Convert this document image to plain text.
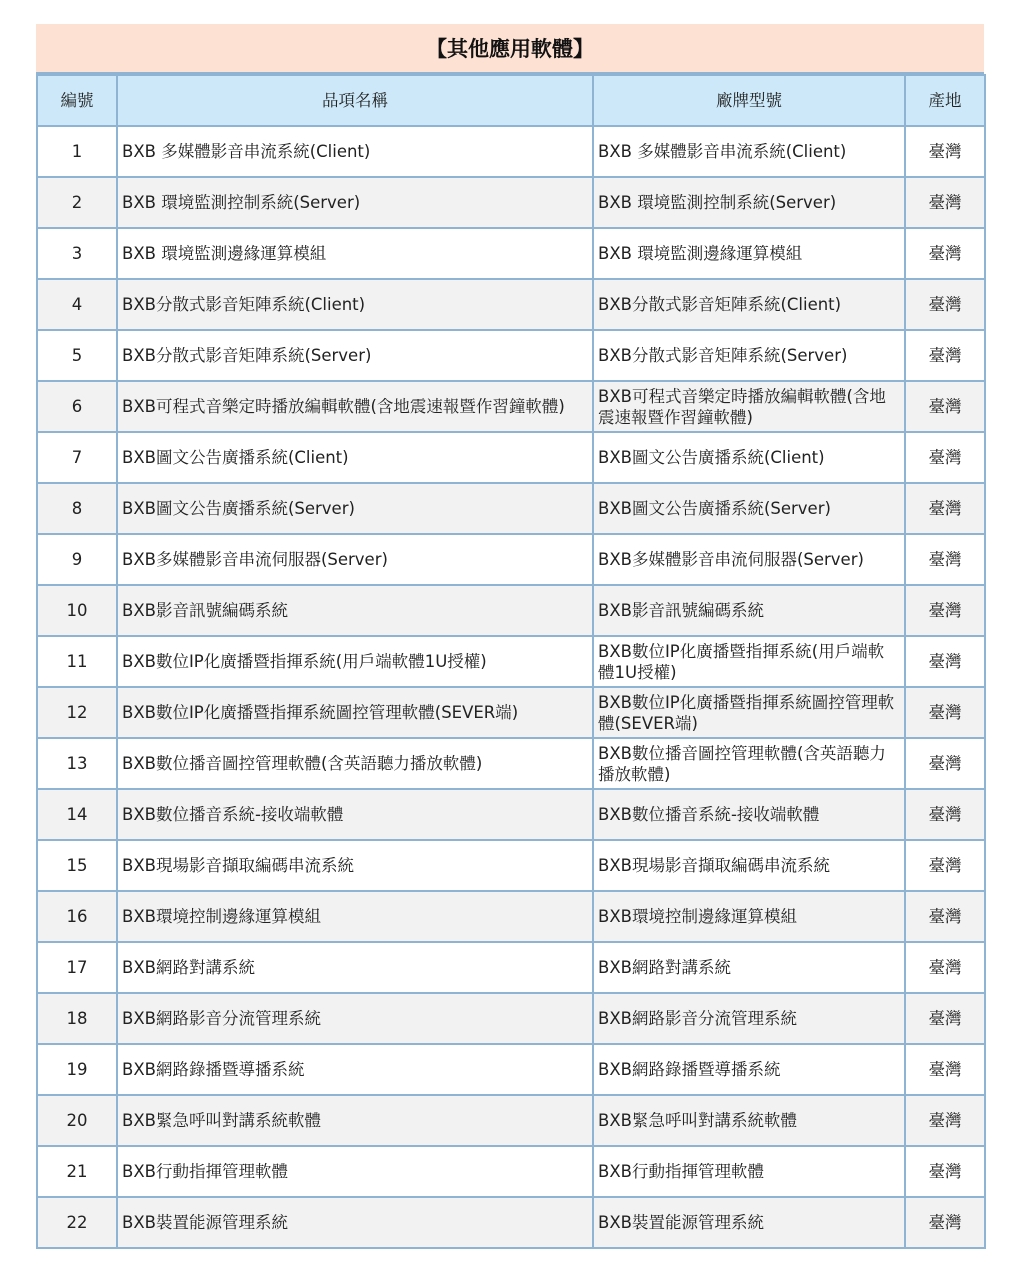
【其他應用軟體】
編號	品項名稱	廠牌型號	產地
1	BXB 多媒體影音串流系統(Client)	BXB 多媒體影音串流系統(Client)	臺灣
2	BXB 環境監測控制系統(Server)	BXB 環境監測控制系統(Server)	臺灣
3	BXB 環境監測邊緣運算模組	BXB 環境監測邊緣運算模組	臺灣
4	BXB分散式影音矩陣系統(Client)	BXB分散式影音矩陣系統(Client)	臺灣
5	BXB分散式影音矩陣系統(Server)	BXB分散式影音矩陣系統(Server)	臺灣
6	BXB可程式音樂定時播放編輯軟體(含地震速報暨作習鐘軟體)	BXB可程式音樂定時播放編輯軟體(含地震速報暨作習鐘軟體)	臺灣
7	BXB圖文公告廣播系統(Client)	BXB圖文公告廣播系統(Client)	臺灣
8	BXB圖文公告廣播系統(Server)	BXB圖文公告廣播系統(Server)	臺灣
9	BXB多媒體影音串流伺服器(Server)	BXB多媒體影音串流伺服器(Server)	臺灣
10	BXB影音訊號編碼系統	BXB影音訊號編碼系統	臺灣
11	BXB數位IP化廣播暨指揮系統(用戶端軟體1U授權)	BXB數位IP化廣播暨指揮系統(用戶端軟體1U授權)	臺灣
12	BXB數位IP化廣播暨指揮系統圖控管理軟體(SEVER端)	BXB數位IP化廣播暨指揮系統圖控管理軟體(SEVER端)	臺灣
13	BXB數位播音圖控管理軟體(含英語聽力播放軟體)	BXB數位播音圖控管理軟體(含英語聽力播放軟體)	臺灣
14	BXB數位播音系統-接收端軟體	BXB數位播音系統-接收端軟體	臺灣
15	BXB現場影音擷取編碼串流系統	BXB現場影音擷取編碼串流系統	臺灣
16	BXB環境控制邊緣運算模組	BXB環境控制邊緣運算模組	臺灣
17	BXB網路對講系統	BXB網路對講系統	臺灣
18	BXB網路影音分流管理系統	BXB網路影音分流管理系統	臺灣
19	BXB網路錄播暨導播系統	BXB網路錄播暨導播系統	臺灣
20	BXB緊急呼叫對講系統軟體	BXB緊急呼叫對講系統軟體	臺灣
21	BXB行動指揮管理軟體	BXB行動指揮管理軟體	臺灣
22	BXB裝置能源管理系統	BXB裝置能源管理系統	臺灣
